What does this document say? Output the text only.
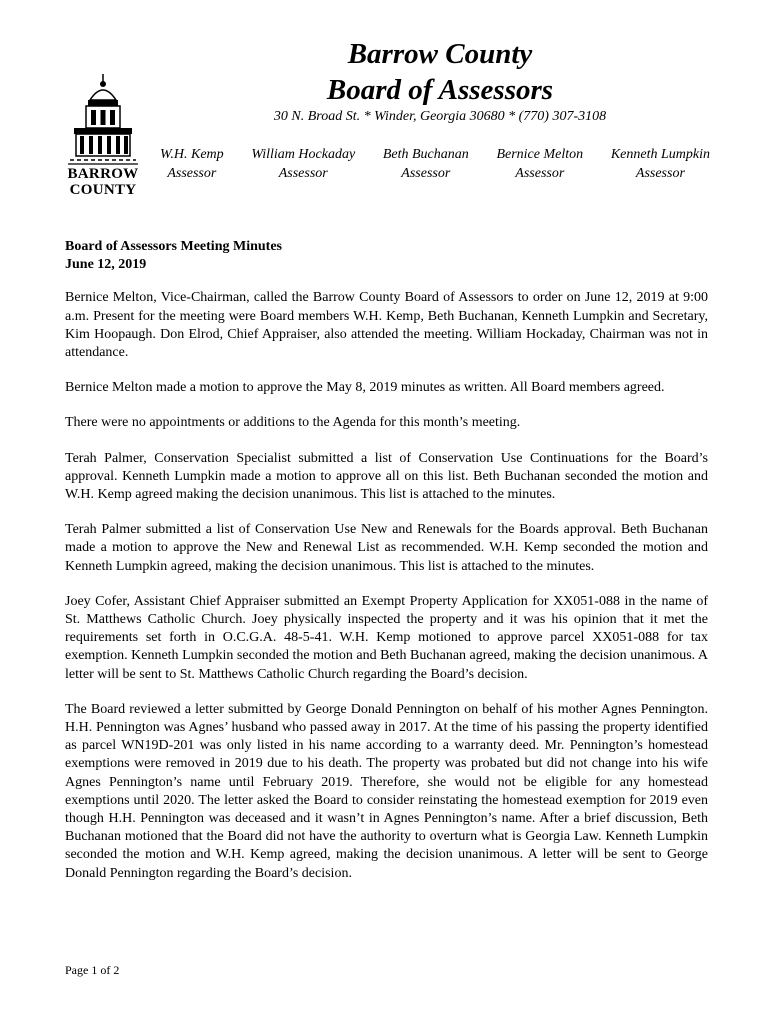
Barrow County
Board of Assessors
30 N. Broad St. * Winder, Georgia 30680 * (770) 307-3108
BARROW
COUNTY
W.H. Kemp
Assessor
William Hockaday
Assessor
Beth Buchanan
Assessor
Bernice Melton
Assessor
Kenneth Lumpkin
Assessor

Board of Assessors Meeting Minutes
June 12, 2019

Bernice Melton, Vice-Chairman, called the Barrow County Board of Assessors to order on June 12, 2019 at 9:00 a.m. Present for the meeting were Board members W.H. Kemp, Beth Buchanan, Kenneth Lumpkin and Secretary, Kim Hoopaugh. Don Elrod, Chief Appraiser, also attended the meeting. William Hockaday, Chairman was not in attendance.

Bernice Melton made a motion to approve the May 8, 2019 minutes as written. All Board members agreed.

There were no appointments or additions to the Agenda for this month’s meeting.

Terah Palmer, Conservation Specialist submitted a list of Conservation Use Continuations for the Board’s approval. Kenneth Lumpkin made a motion to approve all on this list. Beth Buchanan seconded the motion and W.H. Kemp agreed making the decision unanimous. This list is attached to the minutes.

Terah Palmer submitted a list of Conservation Use New and Renewals for the Boards approval. Beth Buchanan made a motion to approve the New and Renewal List as recommended. W.H. Kemp seconded the motion and Kenneth Lumpkin agreed, making the decision unanimous. This list is attached to the minutes.

Joey Cofer, Assistant Chief Appraiser submitted an Exempt Property Application for XX051-088 in the name of St. Matthews Catholic Church. Joey physically inspected the property and it was his opinion that it met the requirements set forth in O.C.G.A. 48-5-41. W.H. Kemp motioned to approve parcel XX051-088 for tax exemption. Kenneth Lumpkin seconded the motion and Beth Buchanan agreed, making the decision unanimous. A letter will be sent to St. Matthews Catholic Church regarding the Board’s decision.

The Board reviewed a letter submitted by George Donald Pennington on behalf of his mother Agnes Pennington. H.H. Pennington was Agnes’ husband who passed away in 2017. At the time of his passing the property identified as parcel WN19D-201 was only listed in his name according to a warranty deed. Mr. Pennington’s homestead exemptions were removed in 2019 due to his death. The property was probated but did not change into his wife Agnes Pennington’s name until February 2019. Therefore, she would not be eligible for any homestead exemptions until 2020. The letter asked the Board to consider reinstating the homestead exemption for 2019 even though H.H. Pennington was deceased and it wasn’t in Agnes Pennington’s name. After a brief discussion, Beth Buchanan motioned that the Board did not have the authority to overturn what is Georgia Law. Kenneth Lumpkin seconded the motion and W.H. Kemp agreed, making the decision unanimous. A letter will be sent to George Donald Pennington regarding the Board’s decision.

Page 1 of 2
